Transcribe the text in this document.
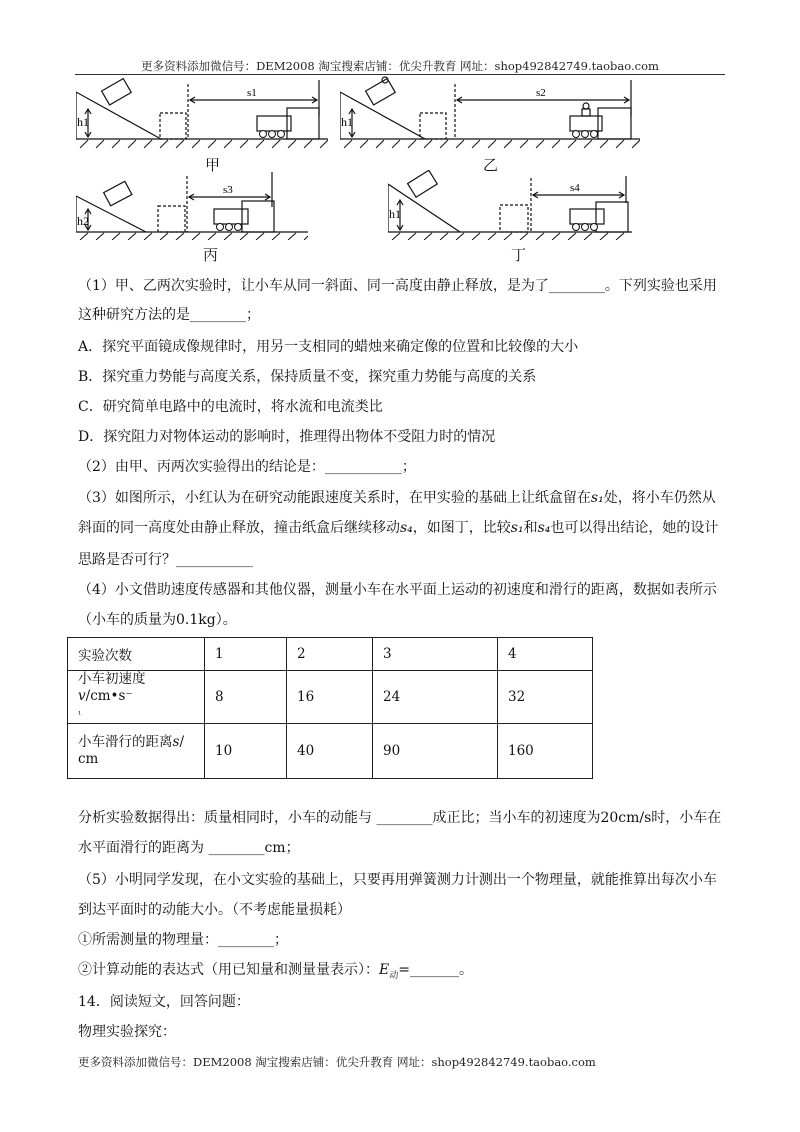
更多资料添加微信号：DEM2008 淘宝搜索店铺：优尖升教育 网址：shop492842749.taobao.com
h1
s1
甲
h1
s2
乙
h2
s3
丙
h1
s4
丁
（1）甲、乙两次实验时，让小车从同一斜面、同一高度由静止释放，是为了________。下列实验也采用
这种研究方法的是________；
A．探究平面镜成像规律时，用另一支相同的蜡烛来确定像的位置和比较像的大小
B．探究重力势能与高度关系，保持质量不变，探究重力势能与高度的关系
C．研究简单电路中的电流时，将水流和电流类比
D．探究阻力对物体运动的影响时，推理得出物体不受阻力时的情况
（2）由甲、丙两次实验得出的结论是：___________；
（3）如图所示，小红认为在研究动能跟速度关系时，在甲实验的基础上让纸盒留在s₁处，将小车仍然从
斜面的同一高度处由静止释放，撞击纸盒后继续移动s₄，如图丁，比较s₁和s₄也可以得出结论，她的设计
思路是否可行？___________
（4）小文借助速度传感器和其他仪器，测量小车在水平面上运动的初速度和滑行的距离，数据如表所示
（小车的质量为0.1kg）。
实验次数	1	2	3	4
小车初速度v/cm•s⁻
¹	8	16	24	32
小车滑行的距离s/
cm	10	40	90	160
分析实验数据得出：质量相同时，小车的动能与 ________成正比；当小车的初速度为20cm/s时，小车在
水平面滑行的距离为 ________cm；
（5）小明同学发现，在小文实验的基础上，只要再用弹簧测力计测出一个物理量，就能推算出每次小车
到达平面时的动能大小。（不考虑能量损耗）
①所需测量的物理量：________；
②计算动能的表达式（用已知量和测量量表示）：$E_动=\_\_\_\_\_\_\_$。
14．阅读短文，回答问题：
物理实验探究：
更多资料添加微信号：DEM2008 淘宝搜索店铺：优尖升教育 网址：shop492842749.taobao.com
